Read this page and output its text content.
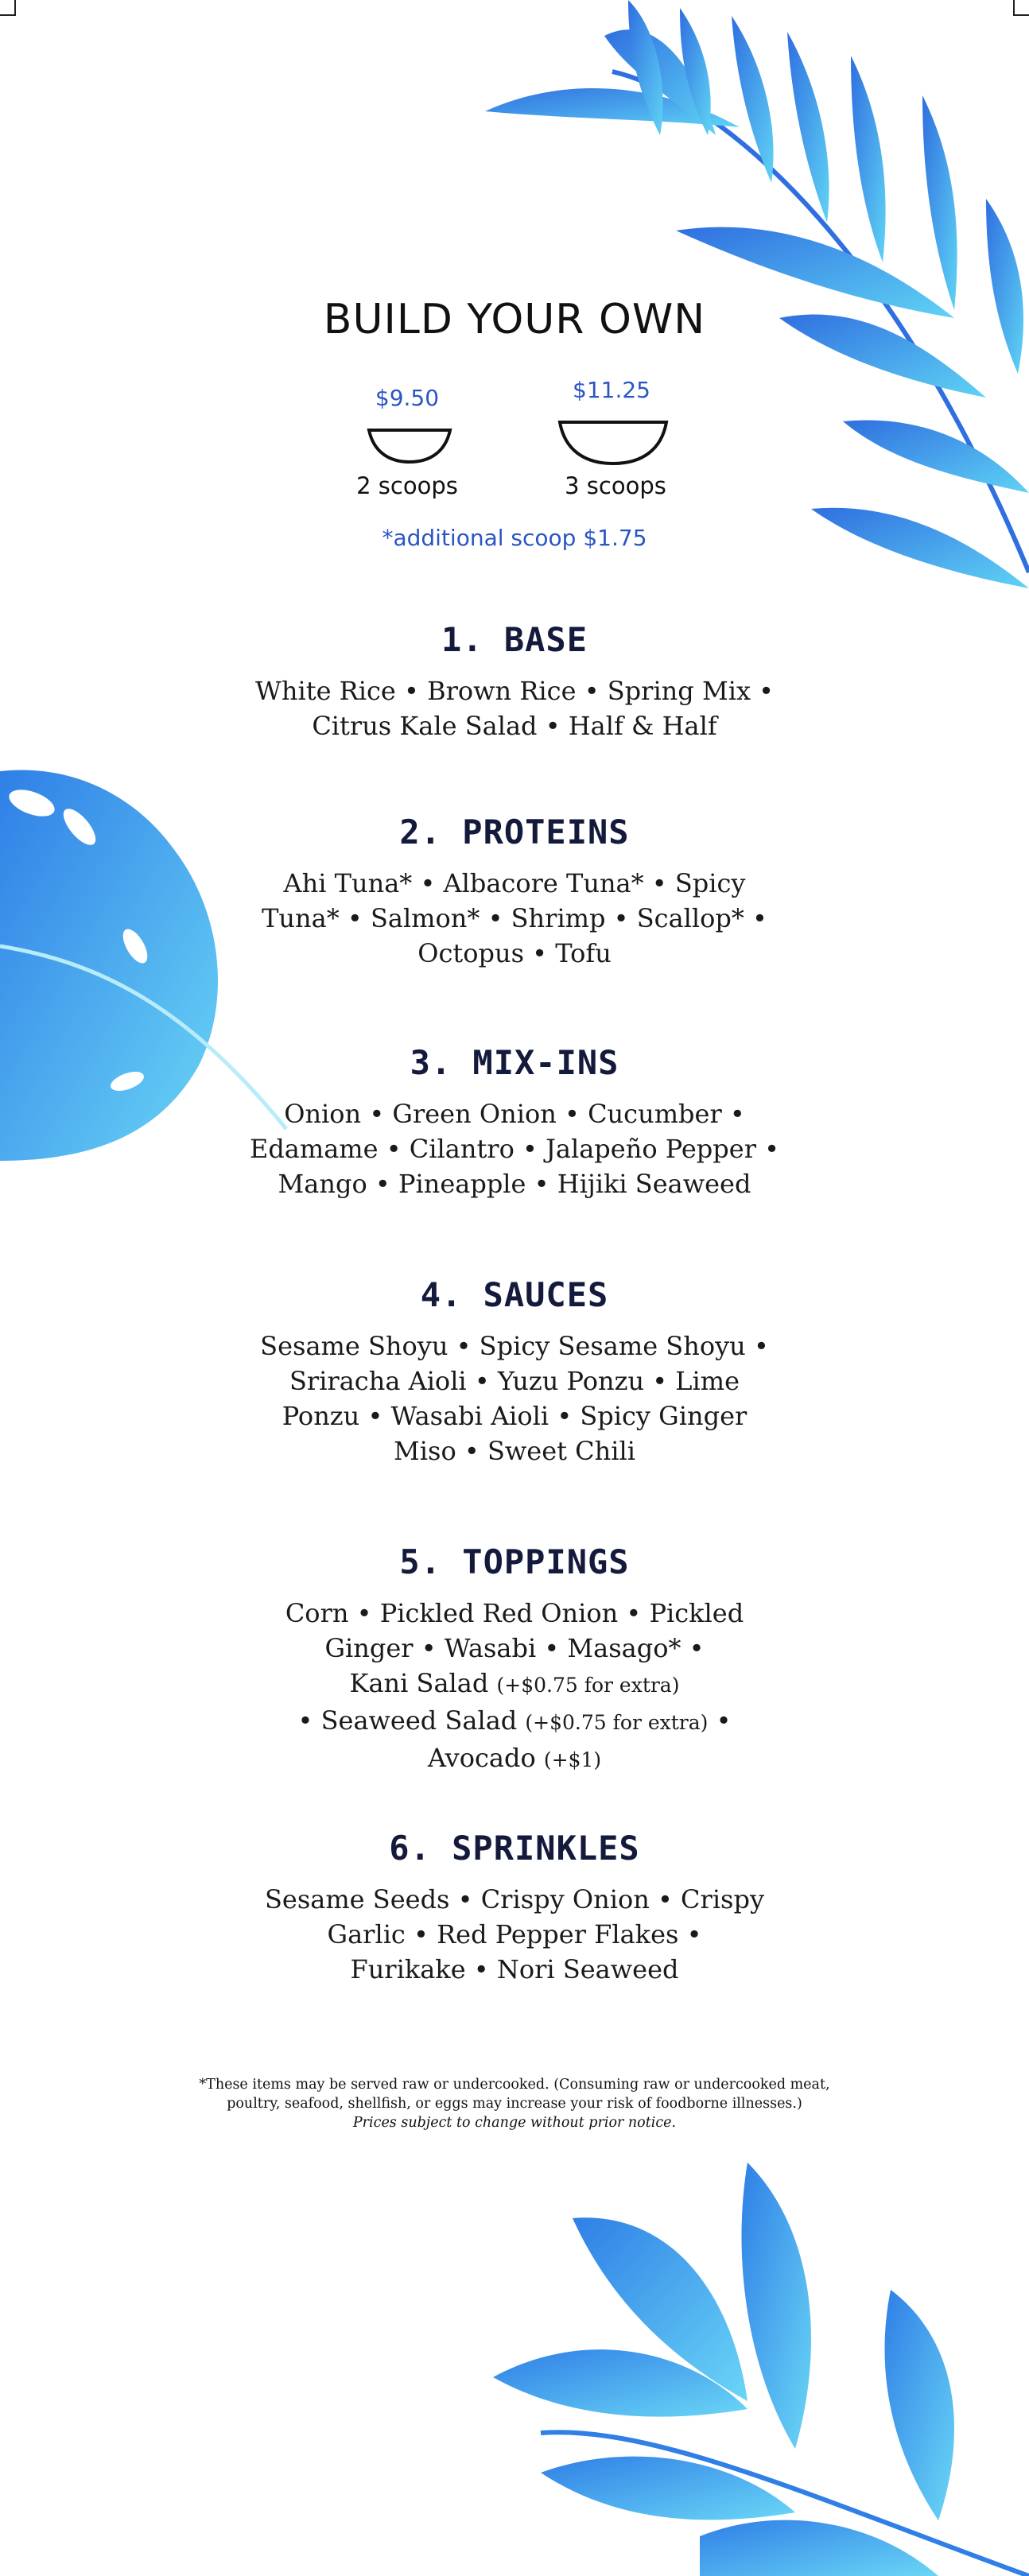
BUILD YOUR OWN
$9.50
2 scoops
$11.25
3 scoops
*additional scoop $1.75
1. BASE
White Rice • Brown Rice • Spring Mix •
Citrus Kale Salad • Half & Half
2. PROTEINS
Ahi Tuna* • Albacore Tuna* • Spicy
Tuna* • Salmon* • Shrimp • Scallop* •
Octopus • Tofu
3. MIX-INS
Onion • Green Onion • Cucumber •
Edamame • Cilantro • Jalapeño Pepper •
Mango • Pineapple • Hijiki Seaweed
4. SAUCES
Sesame Shoyu • Spicy Sesame Shoyu •
Sriracha Aioli • Yuzu Ponzu • Lime
Ponzu • Wasabi Aioli • Spicy Ginger
Miso • Sweet Chili
5. TOPPINGS
Corn • Pickled Red Onion • Pickled
Ginger • Wasabi • Masago* •
Kani Salad (+$0.75 for extra)
• Seaweed Salad (+$0.75 for extra) •
Avocado (+$1)
6. SPRINKLES
Sesame Seeds • Crispy Onion • Crispy
Garlic • Red Pepper Flakes •
Furikake • Nori Seaweed
*These items may be served raw or undercooked. (Consuming raw or undercooked meat,
poultry, seafood, shellfish, or eggs may increase your risk of foodborne illnesses.)
Prices subject to change without prior notice.
